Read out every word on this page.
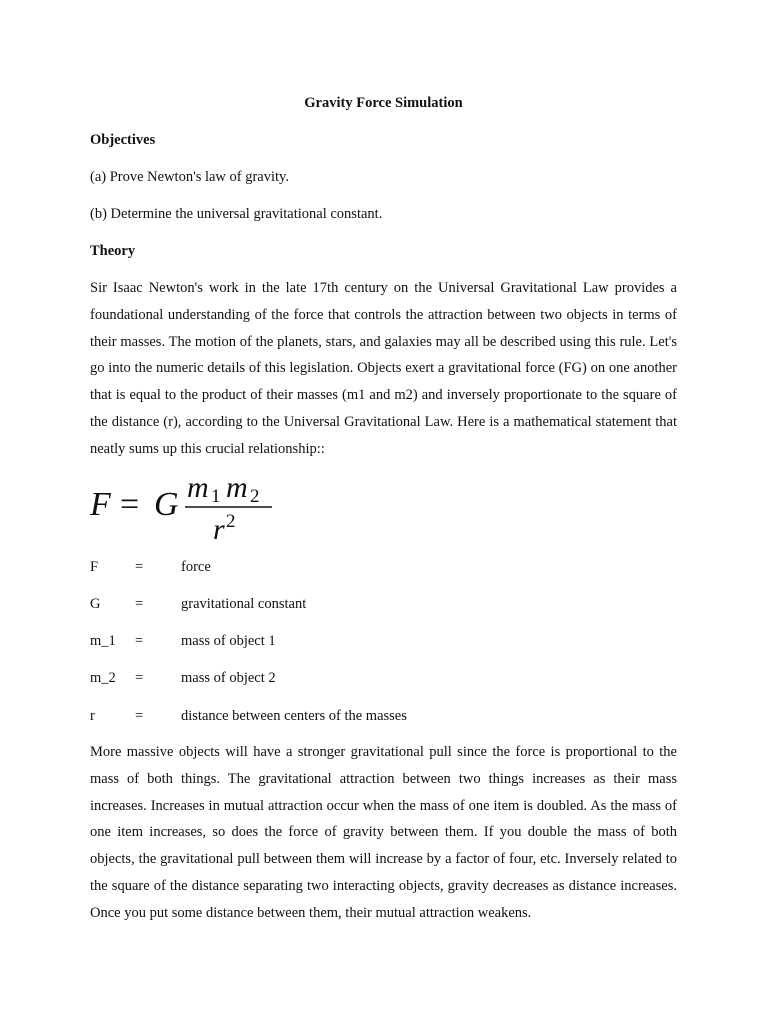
Gravity Force Simulation
Objectives
(a) Prove Newton's law of gravity.
(b) Determine the universal gravitational constant.
Theory
Sir Isaac Newton's work in the late 17th century on the Universal Gravitational Law provides a foundational understanding of the force that controls the attraction between two objects in terms of their masses. The motion of the planets, stars, and galaxies may all be described using this rule. Let's go into the numeric details of this legislation. Objects exert a gravitational force (FG) on one another that is equal to the product of their masses (m1 and m2) and inversely proportionate to the square of the distance (r), according to the Universal Gravitational Law. Here is a mathematical statement that neatly sums up this crucial relationship::
F = G m 1 m 2
r 2
F	=	force
G =	gravitational constant
m_1 =	mass of object 1
m_2 =	mass of object 2
r	=	distance between centers of the masses
More massive objects will have a stronger gravitational pull since the force is proportional to the mass of both things. The gravitational attraction between two things increases as their mass increases. Increases in mutual attraction occur when the mass of one item is doubled. As the mass of one item increases, so does the force of gravity between them. If you double the mass of both objects, the gravitational pull between them will increase by a factor of four, etc. Inversely related to the square of the distance separating two interacting objects, gravity decreases as distance increases. Once you put some distance between them, their mutual attraction weakens.
